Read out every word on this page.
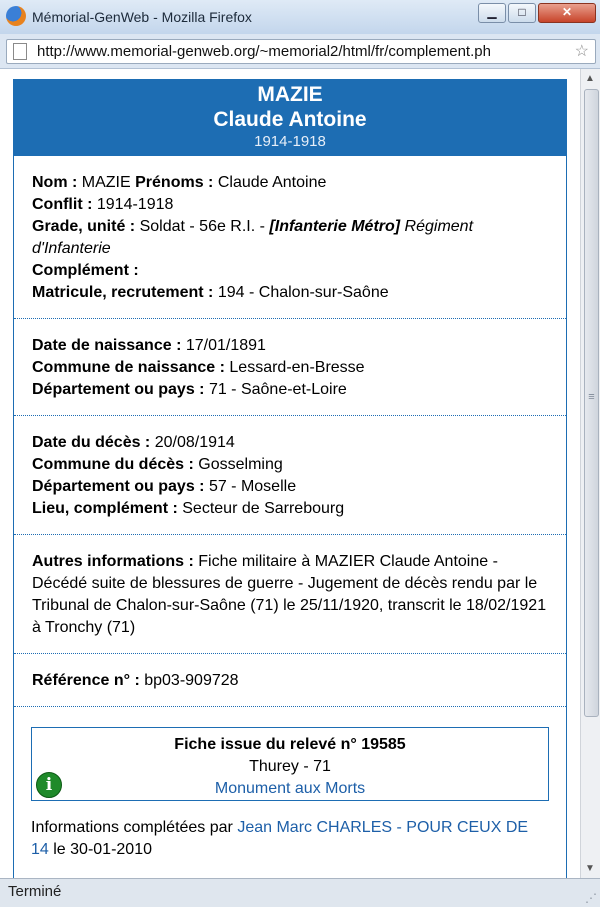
Mémorial-GenWeb - Mozilla Firefox	▁	□	✕
http://www.memorial-genweb.org/~memorial2/html/fr/complement.ph	☆
MAZIE
Claude Antoine
1914-1918
Nom : MAZIE Prénoms : Claude Antoine
Conflit : 1914-1918
Grade, unité : Soldat - 56e R.I. - [Infanterie Métro] Régiment d'Infanterie
Complément :
Matricule, recrutement : 194 - Chalon-sur-Saône
Date de naissance : 17/01/1891
Commune de naissance : Lessard-en-Bresse
Département ou pays : 71 - Saône-et-Loire
Date du décès : 20/08/1914
Commune du décès : Gosselming
Département ou pays : 57 - Moselle
Lieu, complément : Secteur de Sarrebourg
Autres informations : Fiche militaire à MAZIER Claude Antoine - Décédé suite de blessures de guerre - Jugement de décès rendu par le Tribunal de Chalon-sur-Saône (71) le 25/11/1920, transcrit le 18/02/1921 à Tronchy (71)
Référence n° : bp03-909728
Fiche issue du relevé n° 19585
Thurey - 71
Monument aux Morts
i
Informations complétées par Jean Marc CHARLES - POUR CEUX DE 14 le 30-01-2010
▲
≡
▼
Terminé	⋰
